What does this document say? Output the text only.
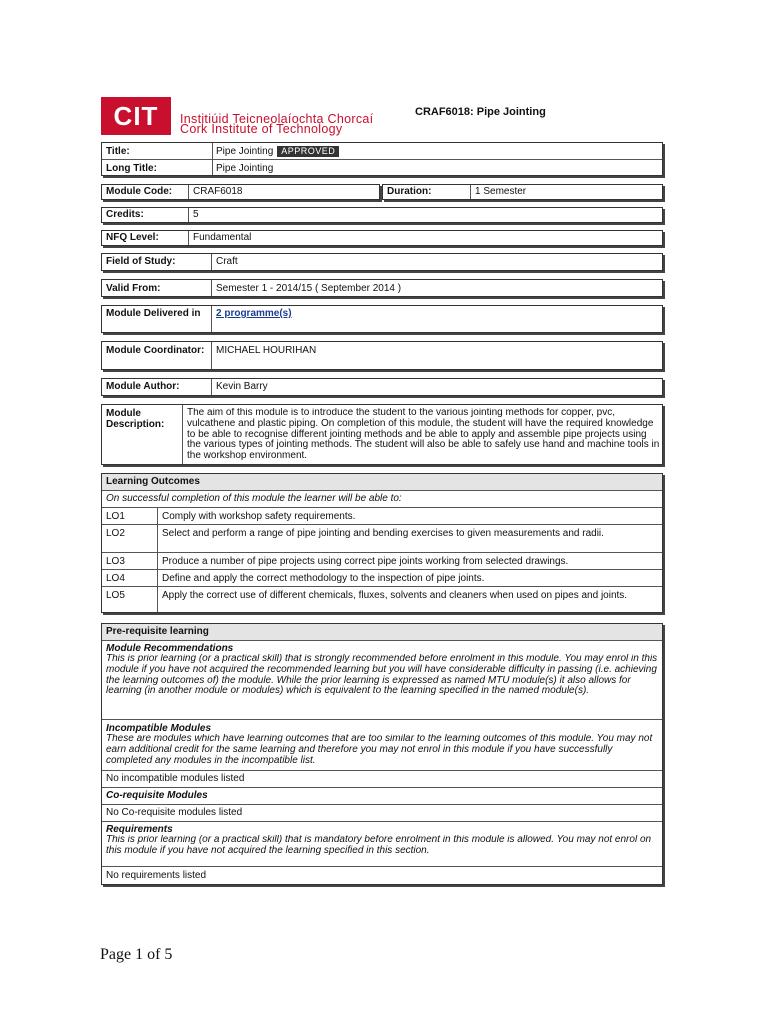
CIT	Institiúid Teicneolaíochta Chorcaí
Cork Institute of Technology
CRAF6018: Pipe Jointing
Title:	Pipe Jointing APPROVED
Long Title:	Pipe Jointing
Module Code: CRAF6018	Duration:	1 Semester
Credits:	5
NFQ Level:	Fundamental
Field of Study:	Craft
Valid From:	Semester 1 - 2014/15 ( September 2014 )
Module Delivered in	2 programme(s)
Module Coordinator:	MICHAEL HOURIHAN
Module Author:	Kevin Barry
Module Description:
The aim of this module is to introduce the student to the various jointing methods for copper, pvc, vulcathene and plastic piping. On completion of this module, the student will have the required knowledge to be able to recognise different jointing methods and be able to apply and assemble pipe projects using the various types of jointing methods. The student will also be able to safely use hand and machine tools in the workshop environment.
Learning Outcomes
On successful completion of this module the learner will be able to:
LO1	Comply with workshop safety requirements.
LO2	Select and perform a range of pipe jointing and bending exercises to given measurements and radii.
LO3	Produce a number of pipe projects using correct pipe joints working from selected drawings.
LO4	Define and apply the correct methodology to the inspection of pipe joints.
LO5	Apply the correct use of different chemicals, fluxes, solvents and cleaners when used on pipes and joints.
Pre-requisite learning
Module Recommendations
This is prior learning (or a practical skill) that is strongly recommended before enrolment in this module. You may enrol in this module if you have not acquired the recommended learning but you will have considerable difficulty in passing (i.e. achieving the learning outcomes of) the module. While the prior learning is expressed as named MTU module(s) it also allows for learning (in another module or modules) which is equivalent to the learning specified in the named module(s).
Incompatible Modules
These are modules which have learning outcomes that are too similar to the learning outcomes of this module. You may not earn additional credit for the same learning and therefore you may not enrol in this module if you have successfully completed any modules in the incompatible list.
No incompatible modules listed
Co-requisite Modules
No Co-requisite modules listed
Requirements
This is prior learning (or a practical skill) that is mandatory before enrolment in this module is allowed. You may not enrol on this module if you have not acquired the learning specified in this section.
No requirements listed
Page 1 of 5
